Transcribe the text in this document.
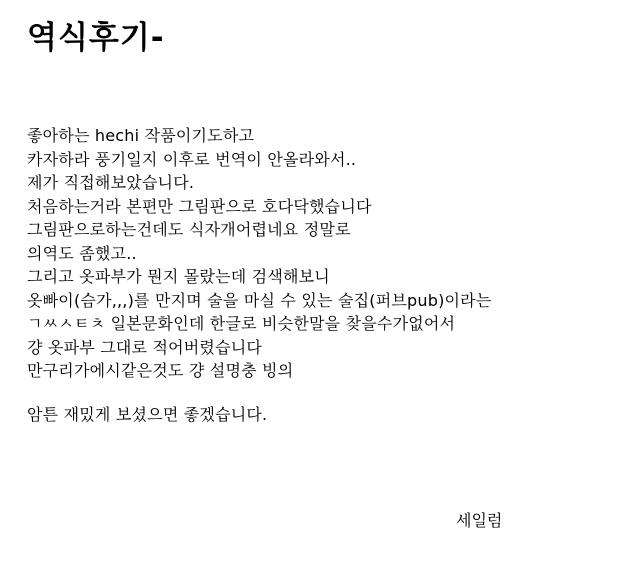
역식후기-
좋아하는 hechi 작품이기도하고
카자하라 풍기일지 이후로 번역이 안올라와서..
제가 직접해보았습니다.
처음하는거라 본편만 그림판으로 호다닥했습니다
그림판으로하는건데도 식자개어렵네요 정말로
의역도 좀했고..
그리고 옷파부가 뭔지 몰랐는데 검색해보니
옷빠이(슴가,,,)를 만지며 술을 마실 수 있는 술집(퍼브pub)이라는
ㄱㅆㅅㅌㅊ 일본문화인데 한글로 비슷한말을 찾을수가없어서
걍 옷파부 그대로 적어버렸습니다
만구리가에시같은것도 걍 설명충 빙의
암튼 재밌게 보셨으면 좋겠습니다.
세일럼
